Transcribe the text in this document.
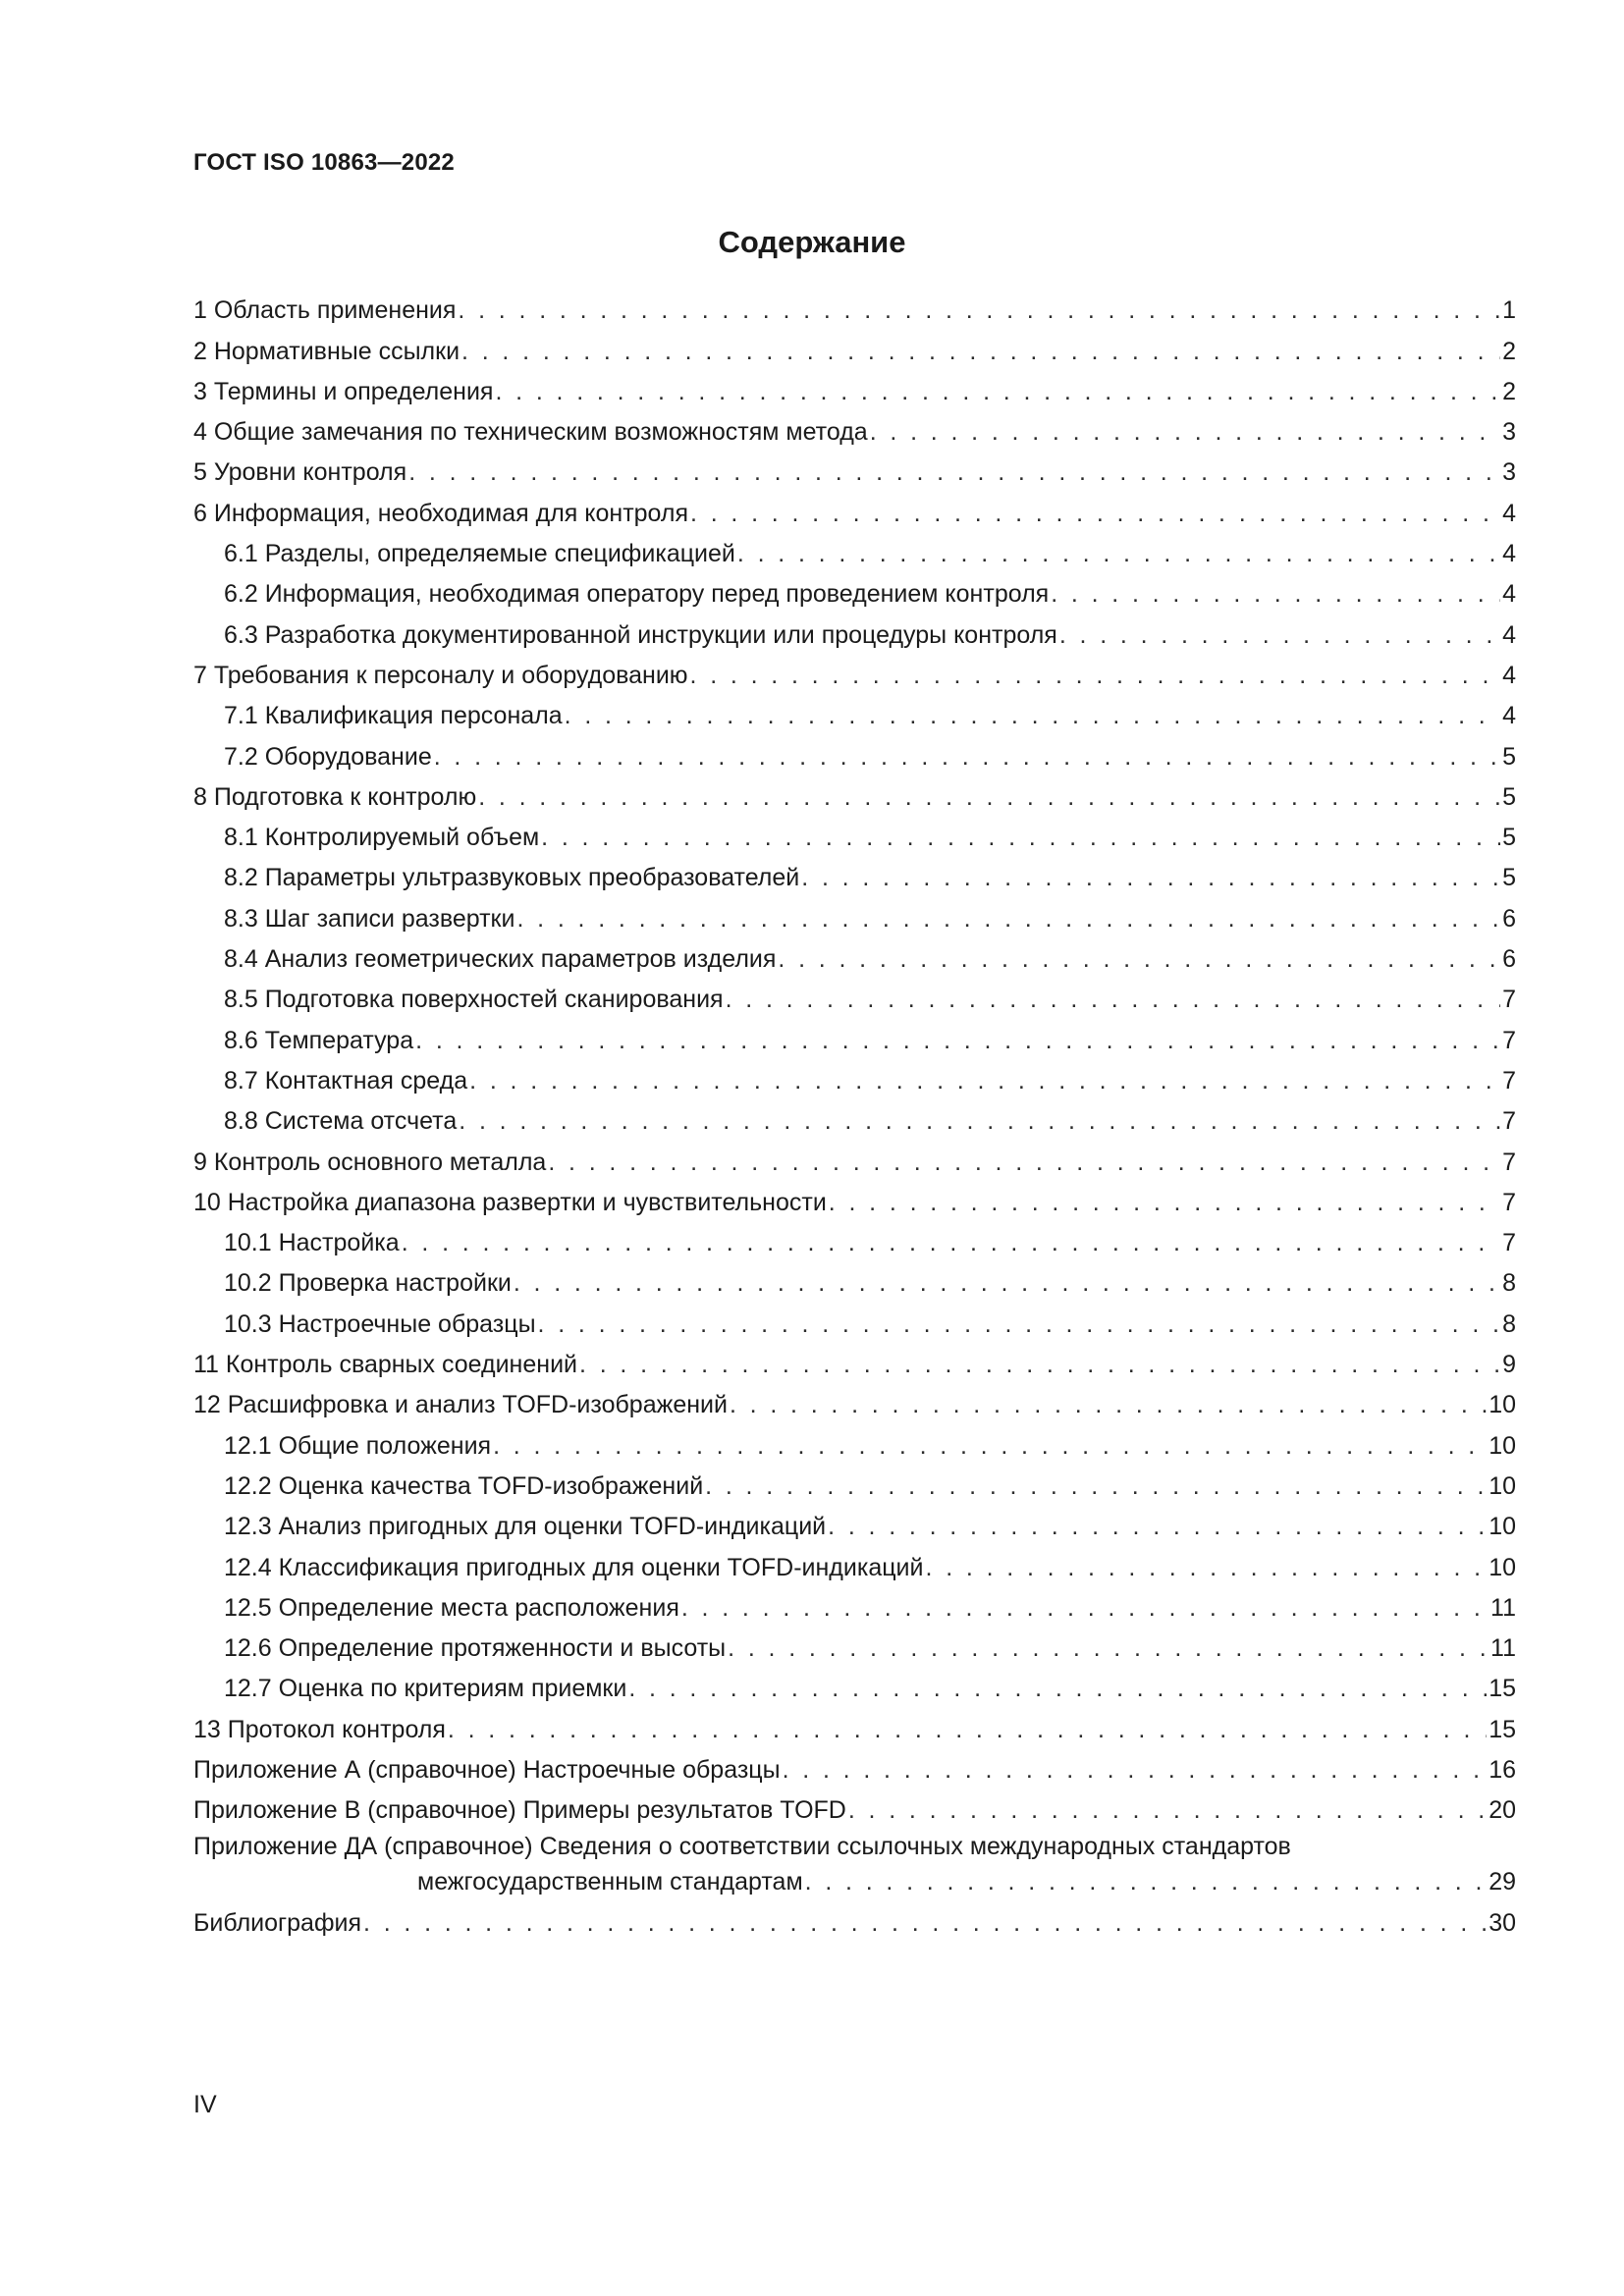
ГОСТ ISO 10863—2022
Содержание
1 Область применения . . .	1
2 Нормативные ссылки . . .	2
3 Термины и определения . . .	2
4 Общие замечания по техническим возможностям метода . . .	3
5 Уровни контроля . . .	3
6 Информация, необходимая для контроля . . .	4
6.1 Разделы, определяемые спецификацией . . .	4
6.2 Информация, необходимая оператору перед проведением контроля . . .	4
6.3 Разработка документированной инструкции или процедуры контроля . . .	4
7 Требования к персоналу и оборудованию . . .	4
7.1 Квалификация персонала . . .	4
7.2 Оборудование . . .	5
8 Подготовка к контролю . . .	5
8.1 Контролируемый объем . . .	5
8.2 Параметры ультразвуковых преобразователей . . .	5
8.3 Шаг записи развертки . . .	6
8.4 Анализ геометрических параметров изделия . . .	6
8.5 Подготовка поверхностей сканирования . . .	7
8.6 Температура . . .	7
8.7 Контактная среда . . .	7
8.8 Система отсчета . . .	7
9 Контроль основного металла . . .	7
10 Настройка диапазона развертки и чувствительности . . .	7
10.1 Настройка . . .	7
10.2 Проверка настройки . . .	8
10.3 Настроечные образцы . . .	8
11 Контроль сварных соединений . . .	9
12 Расшифровка и анализ TOFD-изображений . . .	10
12.1 Общие положения . . .	10
12.2 Оценка качества TOFD-изображений . . .	10
12.3 Анализ пригодных для оценки TOFD-индикаций . . .	10
12.4 Классификация пригодных для оценки TOFD-индикаций . . .	10
12.5 Определение места расположения . . .	11
12.6 Определение протяженности и высоты . . .	11
12.7 Оценка по критериям приемки . . .	15
13 Протокол контроля . . .	15
Приложение А (справочное) Настроечные образцы . . .	16
Приложение В (справочное) Примеры результатов TOFD . . .	20
Приложение ДА (справочное) Сведения о соответствии ссылочных международных стандартов
межгосударственным стандартам . . .	29
Библиография . . .	30
IV
